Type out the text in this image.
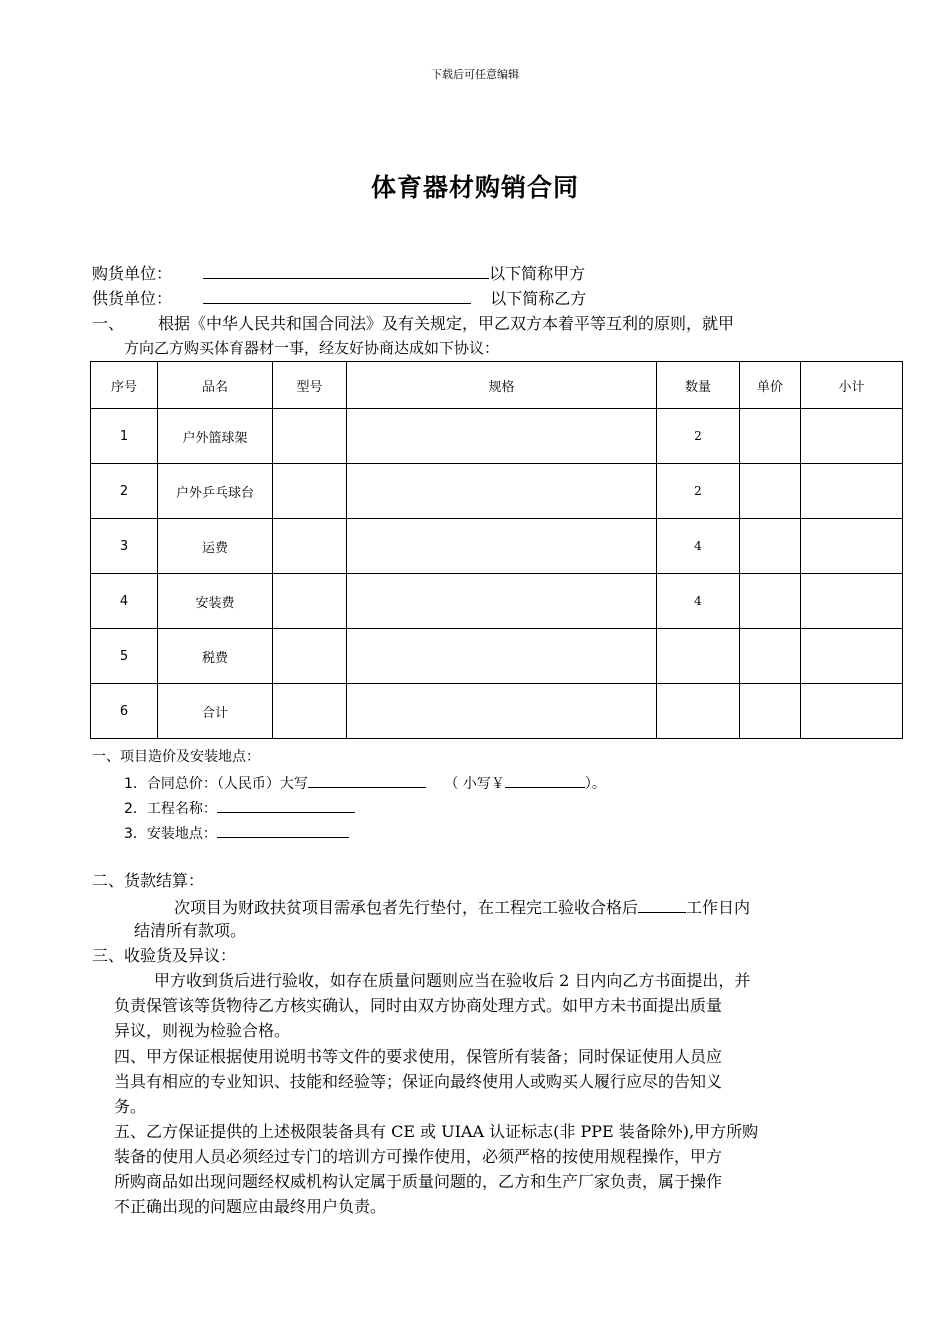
下载后可任意编辑
体育器材购销合同
购货单位：	以下简称甲方
供货单位：	以下简称乙方
一、 根据《中华人民共和国合同法》及有关规定，甲乙双方本着平等互利的原则，就甲
方向乙方购买体育器材一事，经友好协商达成如下协议：
序号	品名	型号	规格	数量	单价	小计
1	户外篮球架			2		
2	户外乒乓球台			2		
3	运费			4		
4	安装费			4		
5	税费					
6	合计					
一、项目造价及安装地点：
1．合同总价：（人民币）大写	（ 小写￥	）。
2．工程名称：
3．安装地点：
二、货款结算：
次项目为财政扶贫项目需承包者先行垫付，在工程完工验收合格后	工作日内
结清所有款项。
三、收验货及异议：
甲方收到货后进行验收，如存在质量问题则应当在验收后 2 日内向乙方书面提出，并
负责保管该等货物待乙方核实确认，同时由双方协商处理方式。如甲方未书面提出质量
异议，则视为检验合格。
四、甲方保证根据使用说明书等文件的要求使用，保管所有装备；同时保证使用人员应
当具有相应的专业知识、技能和经验等；保证向最终使用人或购买人履行应尽的告知义
务。
五、乙方保证提供的上述极限装备具有 CE 或 UIAA 认证标志(非 PPE 装备除外),甲方所购
装备的使用人员必须经过专门的培训方可操作使用，必须严格的按使用规程操作，甲方
所购商品如出现问题经权威机构认定属于质量问题的，乙方和生产厂家负责，属于操作
不正确出现的问题应由最终用户负责。
